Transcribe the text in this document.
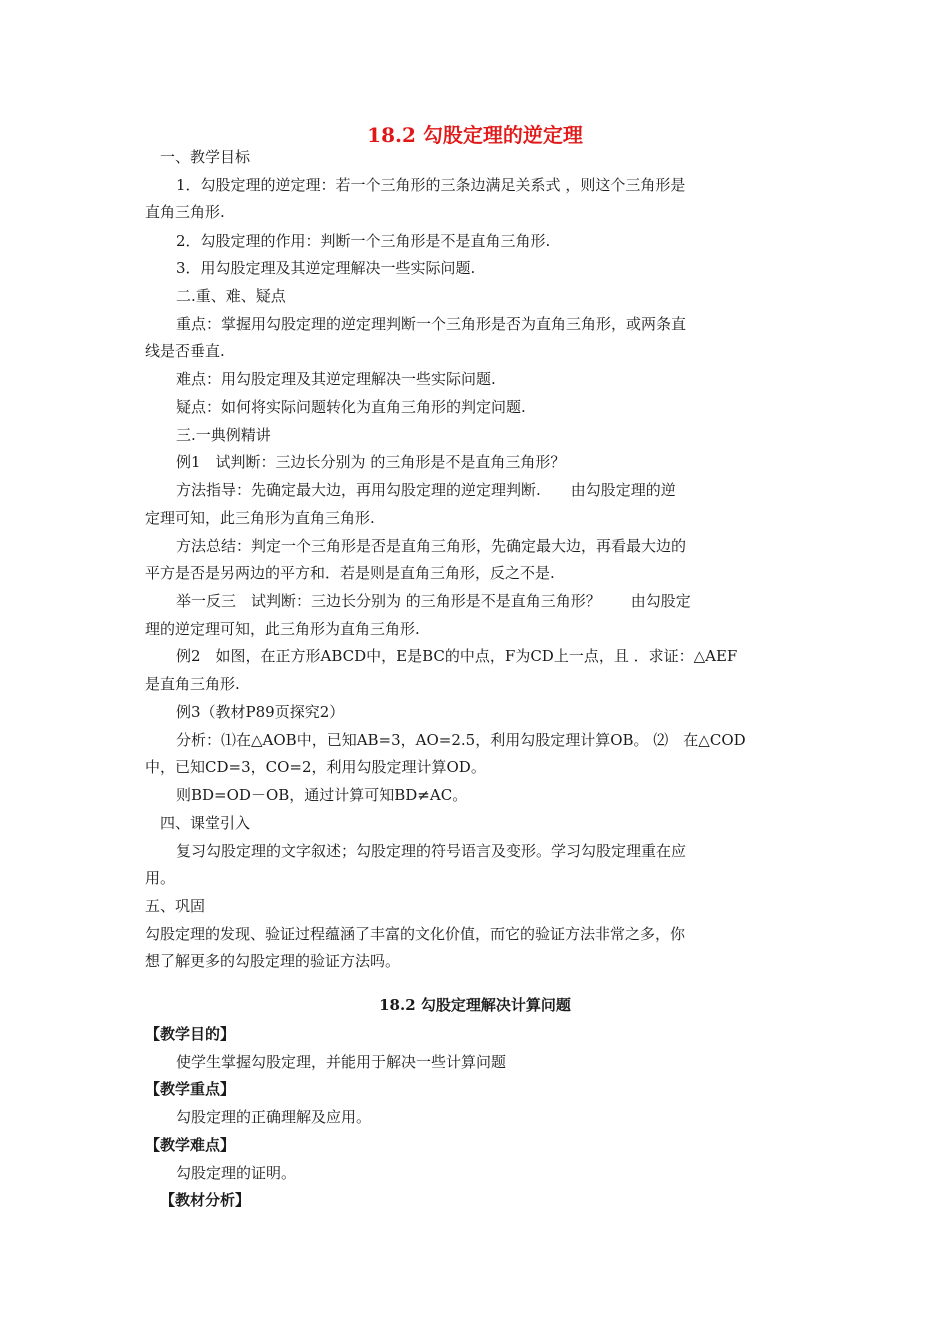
18.2 勾股定理的逆定理
一、教学目标
1．勾股定理的逆定理：若一个三角形的三条边满足关系式 ，则这个三角形是
直角三角形.
2．勾股定理的作用：判断一个三角形是不是直角三角形.
3．用勾股定理及其逆定理解决一些实际问题.
二.重、难、疑点
重点：掌握用勾股定理的逆定理判断一个三角形是否为直角三角形，或两条直
线是否垂直.
难点：用勾股定理及其逆定理解决一些实际问题.
疑点：如何将实际问题转化为直角三角形的判定问题.
三.一典例精讲
例1　试判断：三边长分别为 的三角形是不是直角三角形？
方法指导：先确定最大边，再用勾股定理的逆定理判断.　　由勾股定理的逆
定理可知，此三角形为直角三角形.
方法总结：判定一个三角形是否是直角三角形，先确定最大边，再看最大边的
平方是否是另两边的平方和．若是则是直角三角形，反之不是.
举一反三　试判断：三边长分别为 的三角形是不是直角三角形？　　由勾股定
理的逆定理可知，此三角形为直角三角形.
例2　如图，在正方形ABCD中，E是BC的中点，F为CD上一点，且 ．求证：△AEF
是直角三角形.
例3（教材P89页探究2）
分析：⑴在△AOB中，已知AB=3，AO=2.5，利用勾股定理计算OB。 ⑵　在△COD
中，已知CD=3，CO=2，利用勾股定理计算OD。
则BD=OD－OB，通过计算可知BD≠AC。
四、课堂引入
复习勾股定理的文字叙述；勾股定理的符号语言及变形。学习勾股定理重在应
用。
五、巩固
勾股定理的发现、验证过程蕴涵了丰富的文化价值，而它的验证方法非常之多，你
想了解更多的勾股定理的验证方法吗。
18.2 勾股定理解决计算问题
【教学目的】
使学生掌握勾股定理，并能用于解决一些计算问题
【教学重点】
勾股定理的正确理解及应用。
【教学难点】
勾股定理的证明。
【教材分析】
